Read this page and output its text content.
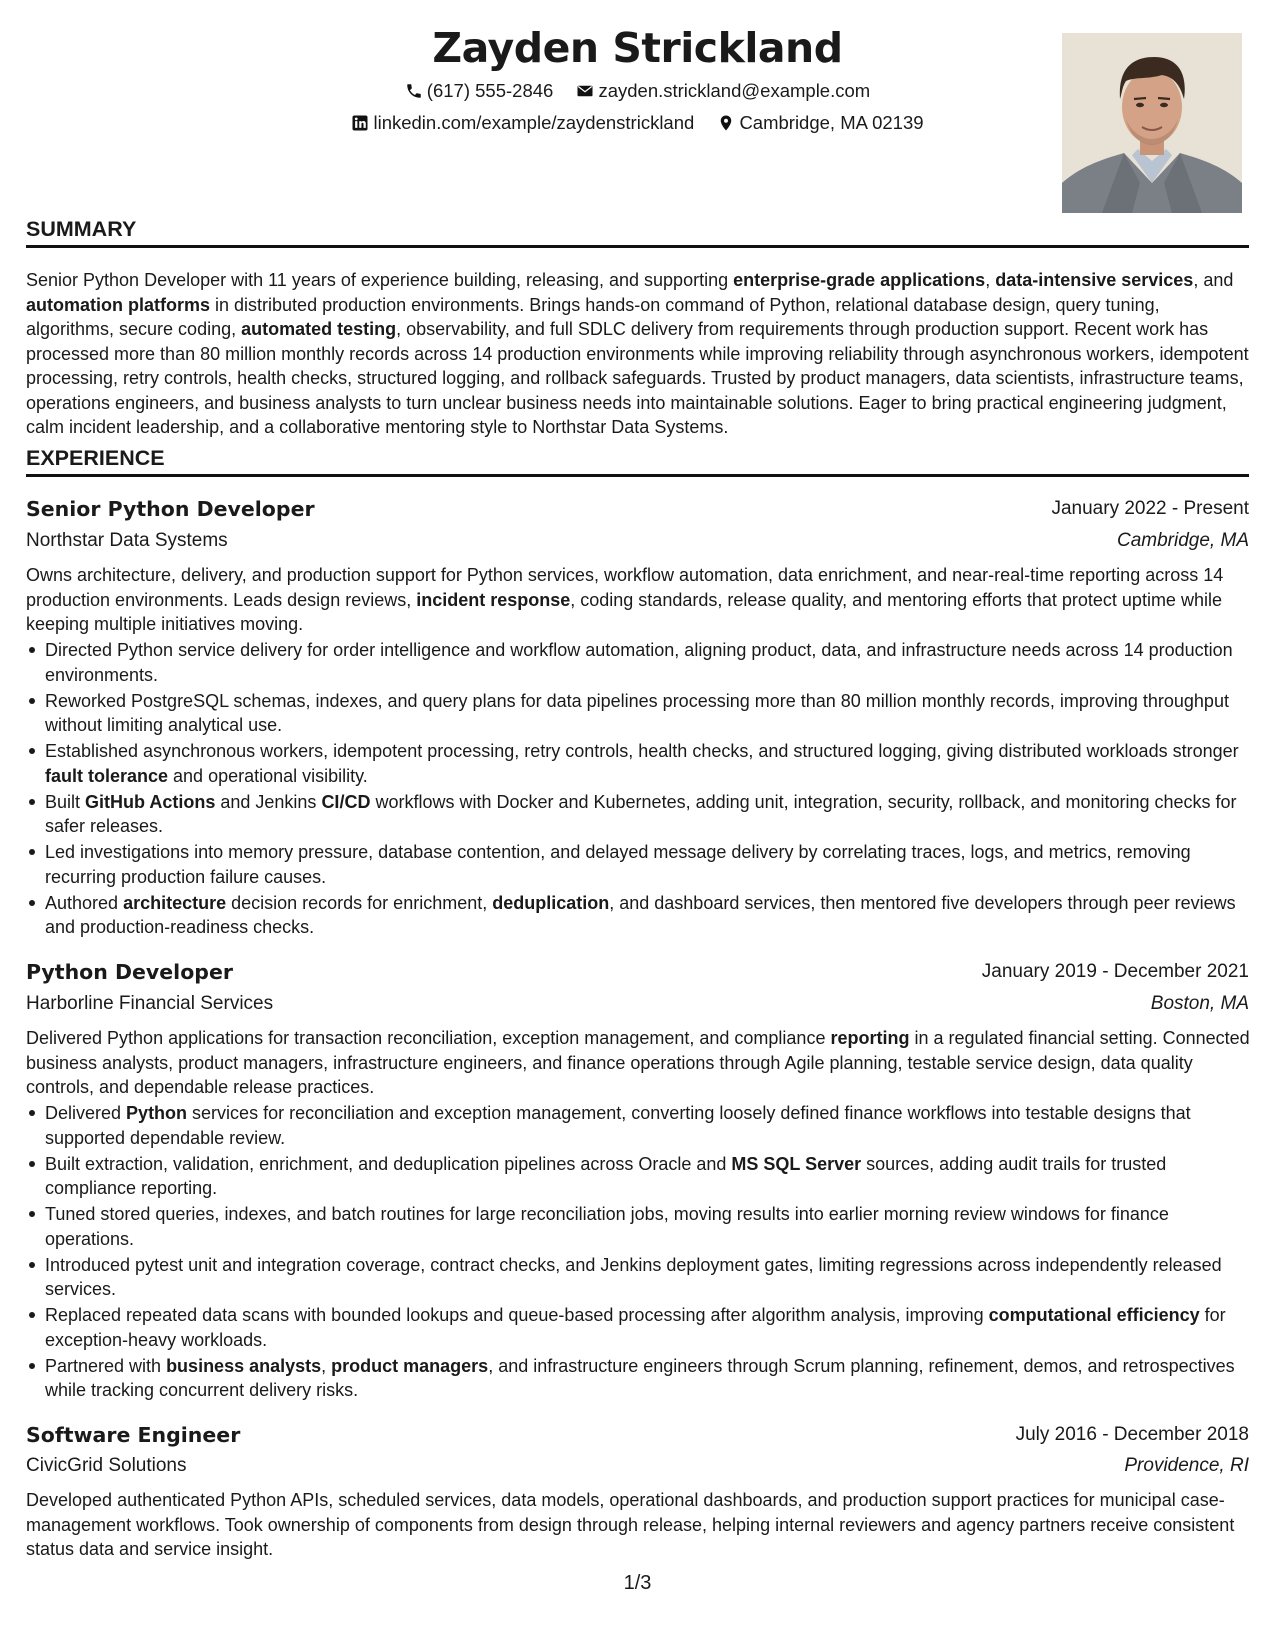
Zayden Strickland
(617) 555-2846
zayden.strickland@example.com
linkedin.com/example/zaydenstrickland
Cambridge, MA 02139
SUMMARY

Senior Python Developer with 11 years of experience building, releasing, and supporting enterprise-grade applications, data-intensive services, and automation platforms in distributed production environments. Brings hands-on command of Python, relational database design, query tuning, algorithms, secure coding, automated testing, observability, and full SDLC delivery from requirements through production support. Recent work has processed more than 80 million monthly records across 14 production environments while improving reliability through asynchronous workers, idempotent processing, retry controls, health checks, structured logging, and rollback safeguards. Trusted by product managers, data scientists, infrastructure teams, operations engineers, and business analysts to turn unclear business needs into maintainable solutions. Eager to bring practical engineering judgment, calm incident leadership, and a collaborative mentoring style to Northstar Data Systems.

EXPERIENCE
Senior Python Developer	January 2022 - Present
Northstar Data Systems	Cambridge, MA

Owns architecture, delivery, and production support for Python services, workflow automation, data enrichment, and near-real-time reporting across 14 production environments. Leads design reviews, incident response, coding standards, release quality, and mentoring efforts that protect uptime while keeping multiple initiatives moving.

Directed Python service delivery for order intelligence and workflow automation, aligning product, data, and infrastructure needs across 14 production environments.
Reworked PostgreSQL schemas, indexes, and query plans for data pipelines processing more than 80 million monthly records, improving throughput without limiting analytical use.
Established asynchronous workers, idempotent processing, retry controls, health checks, and structured logging, giving distributed workloads stronger fault tolerance and operational visibility.
Built GitHub Actions and Jenkins CI/CD workflows with Docker and Kubernetes, adding unit, integration, security, rollback, and monitoring checks for safer releases.
Led investigations into memory pressure, database contention, and delayed message delivery by correlating traces, logs, and metrics, removing recurring production failure causes.
Authored architecture decision records for enrichment, deduplication, and dashboard services, then mentored five developers through peer reviews and production-readiness checks.
Python Developer	January 2019 - December 2021
Harborline Financial Services	Boston, MA

Delivered Python applications for transaction reconciliation, exception management, and compliance reporting in a regulated financial setting. Connected business analysts, product managers, infrastructure engineers, and finance operations through Agile planning, testable service design, data quality controls, and dependable release practices.

Delivered Python services for reconciliation and exception management, converting loosely defined finance workflows into testable designs that supported dependable review.
Built extraction, validation, enrichment, and deduplication pipelines across Oracle and MS SQL Server sources, adding audit trails for trusted compliance reporting.
Tuned stored queries, indexes, and batch routines for large reconciliation jobs, moving results into earlier morning review windows for finance operations.
Introduced pytest unit and integration coverage, contract checks, and Jenkins deployment gates, limiting regressions across independently released services.
Replaced repeated data scans with bounded lookups and queue-based processing after algorithm analysis, improving computational efficiency for exception-heavy workloads.
Partnered with business analysts, product managers, and infrastructure engineers through Scrum planning, refinement, demos, and retrospectives while tracking concurrent delivery risks.
Software Engineer	July 2016 - December 2018
CivicGrid Solutions	Providence, RI

Developed authenticated Python APIs, scheduled services, data models, operational dashboards, and production support practices for municipal case-management workflows. Took ownership of components from design through release, helping internal reviewers and agency partners receive consistent status data and service insight.

1/3
